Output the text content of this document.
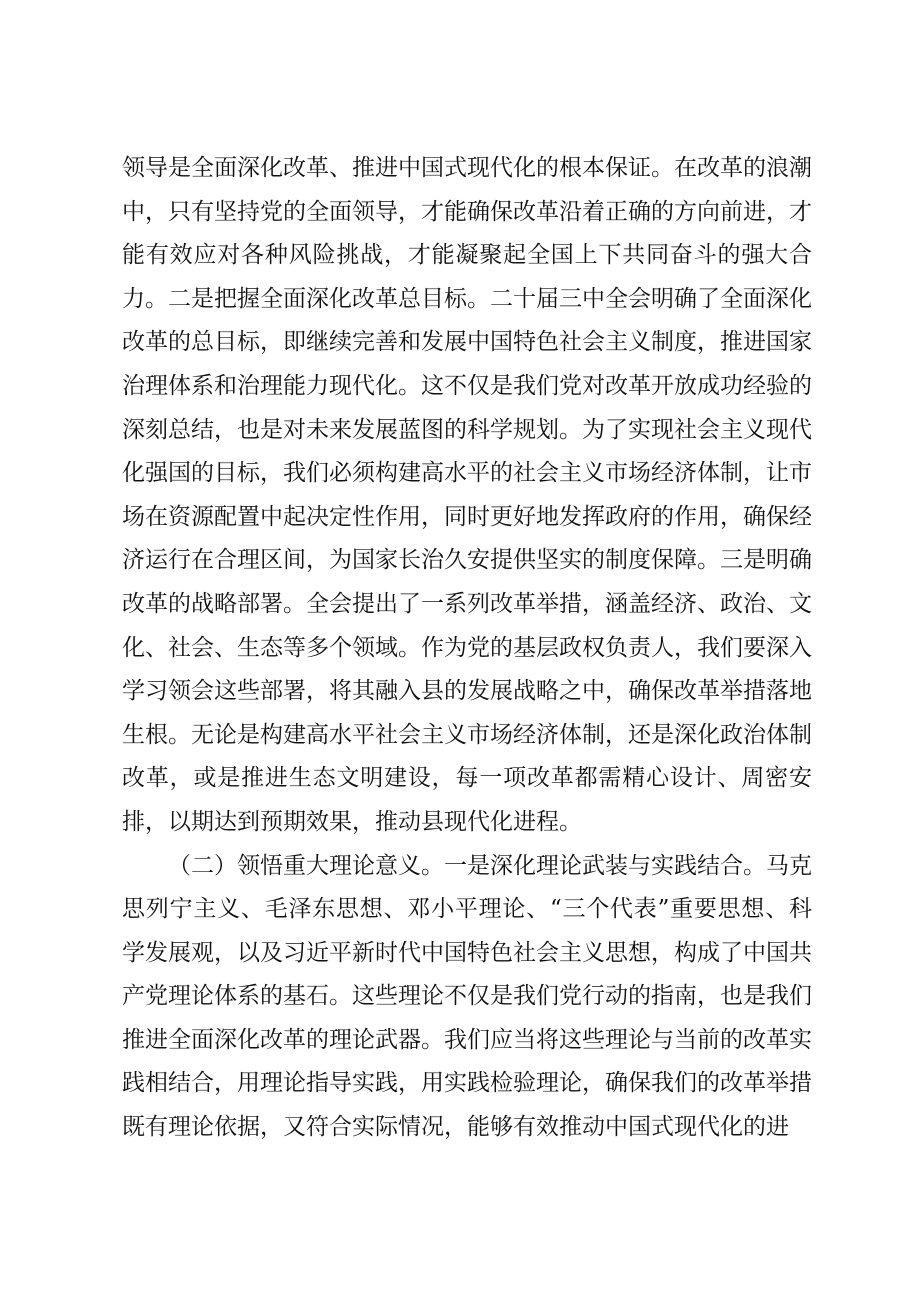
领导是全面深化改革、推进中国式现代化的根本保证。在改革的浪潮中，只有坚持党的全面领导，才能确保改革沿着正确的方向前进，才能有效应对各种风险挑战，才能凝聚起全国上下共同奋斗的强大合力。二是把握全面深化改革总目标。二十届三中全会明确了全面深化改革的总目标，即继续完善和发展中国特色社会主义制度，推进国家治理体系和治理能力现代化。这不仅是我们党对改革开放成功经验的深刻总结，也是对未来发展蓝图的科学规划。为了实现社会主义现代化强国的目标，我们必须构建高水平的社会主义市场经济体制，让市场在资源配置中起决定性作用，同时更好地发挥政府的作用，确保经济运行在合理区间，为国家长治久安提供坚实的制度保障。三是明确改革的战略部署。全会提出了一系列改革举措，涵盖经济、政治、文化、社会、生态等多个领域。作为党的基层政权负责人，我们要深入学习领会这些部署，将其融入县的发展战略之中，确保改革举措落地生根。无论是构建高水平社会主义市场经济体制，还是深化政治体制改革，或是推进生态文明建设，每一项改革都需精心设计、周密安排，以期达到预期效果，推动县现代化进程。

（二）领悟重大理论意义。一是深化理论武装与实践结合。马克思列宁主义、毛泽东思想、邓小平理论、“三个代表”重要思想、科学发展观，以及习近平新时代中国特色社会主义思想，构成了中国共产党理论体系的基石。这些理论不仅是我们党行动的指南，也是我们推进全面深化改革的理论武器。我们应当将这些理论与当前的改革实践相结合，用理论指导实践，用实践检验理论，确保我们的改革举措既有理论依据，又符合实际情况，能够有效推动中国式现代化的进
